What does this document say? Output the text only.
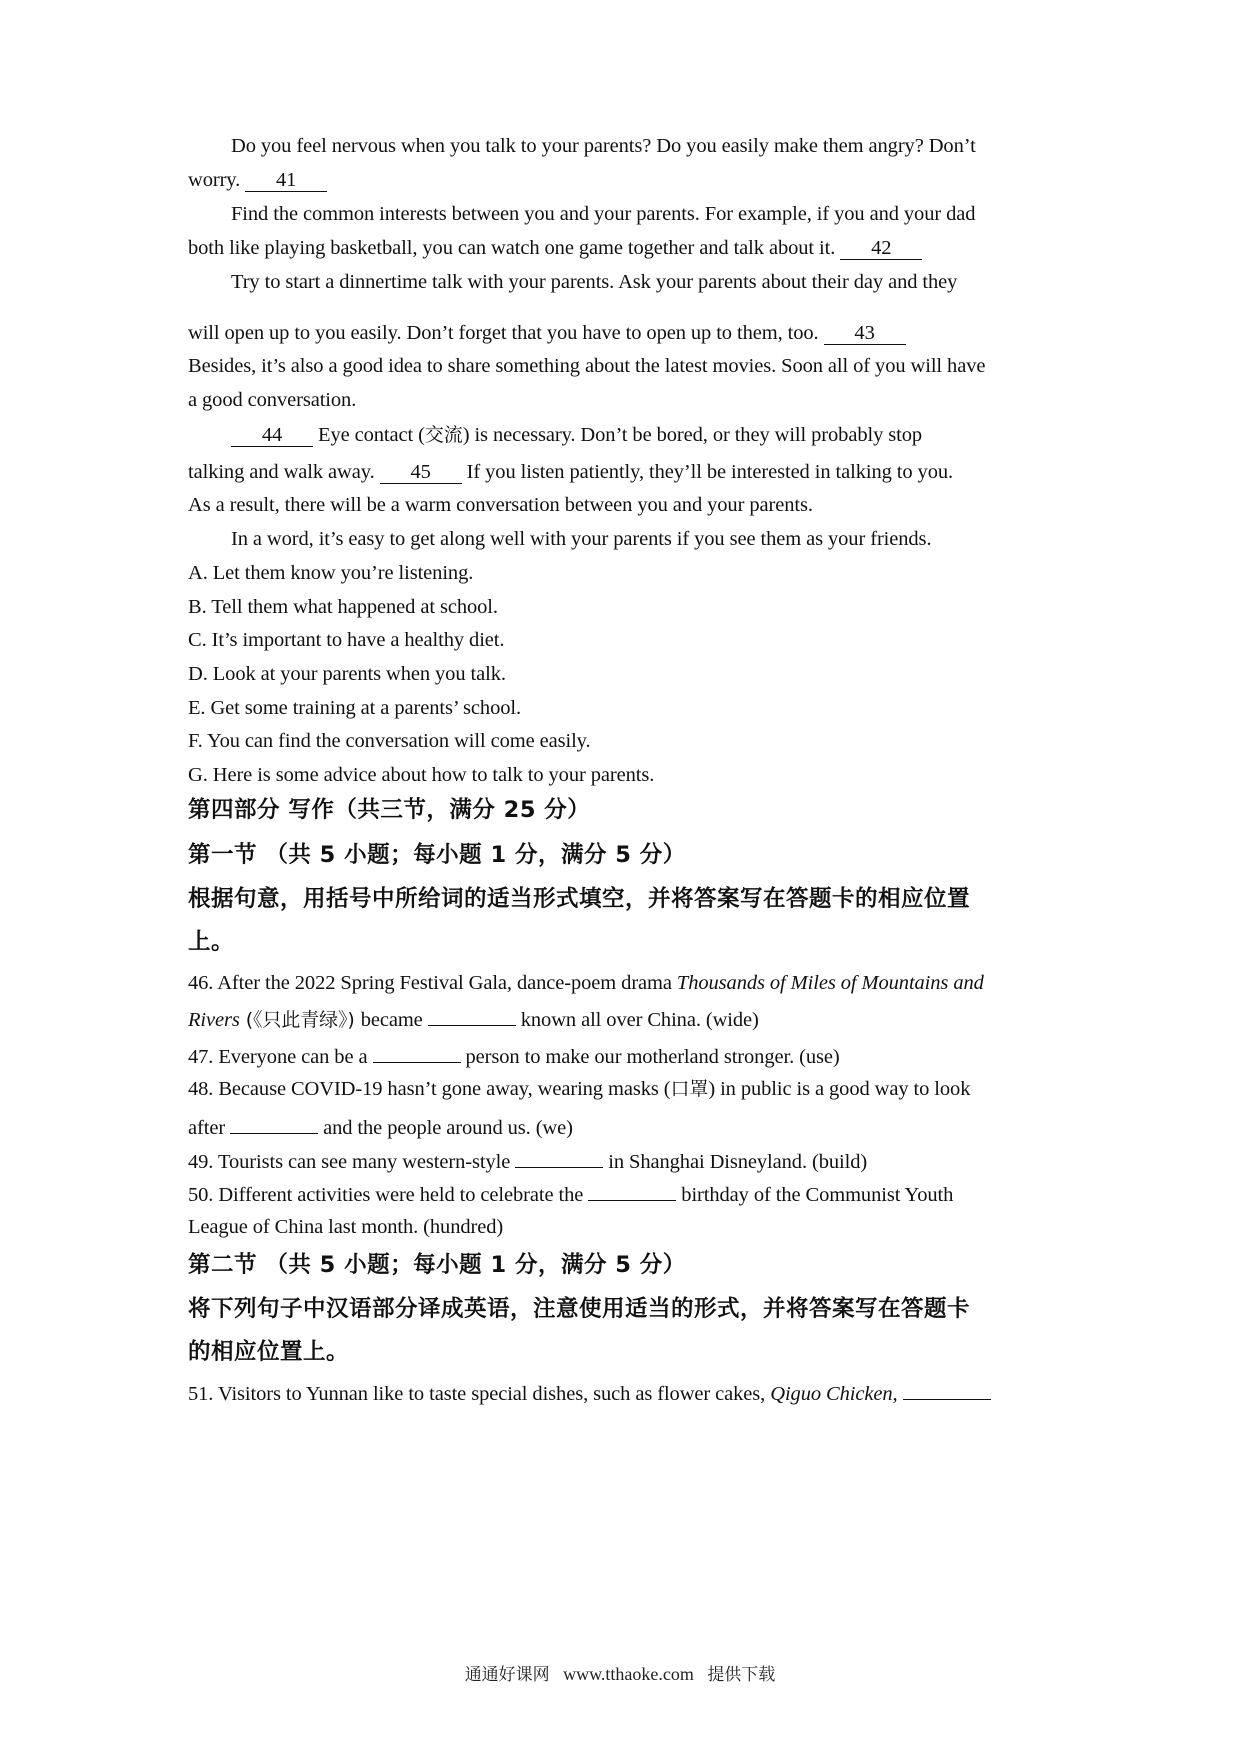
Do you feel nervous when you talk to your parents? Do you easily make them angry? Don’t
worry. 41
Find the common interests between you and your parents. For example, if you and your dad
both like playing basketball, you can watch one game together and talk about it. 42
Try to start a dinnertime talk with your parents. Ask your parents about their day and they
will open up to you easily. Don’t forget that you have to open up to them, too. 43
Besides, it’s also a good idea to share something about the latest movies. Soon all of you will have
a good conversation.
44 Eye contact (交流) is necessary. Don’t be bored, or they will probably stop
talking and walk away. 45 If you listen patiently, they’ll be interested in talking to you.
As a result, there will be a warm conversation between you and your parents.
In a word, it’s easy to get along well with your parents if you see them as your friends.
A. Let them know you’re listening.
B. Tell them what happened at school.
C. It’s important to have a healthy diet.
D. Look at your parents when you talk.
E. Get some training at a parents’ school.
F. You can find the conversation will come easily.
G. Here is some advice about how to talk to your parents.
第四部分 写作（共三节，满分 25 分）
第一节 （共 5 小题；每小题 1 分，满分 5 分）
根据句意，用括号中所给词的适当形式填空，并将答案写在答题卡的相应位置
上。
46. After the 2022 Spring Festival Gala, dance-poem drama Thousands of Miles of Mountains and
Rivers (《只此青绿》) became	known all over China. (wide)
47. Everyone can be a	person to make our motherland stronger. (use)
48. Because COVID-19 hasn’t gone away, wearing masks (口罩) in public is a good way to look
after	and the people around us. (we)
49. Tourists can see many western-style	in Shanghai Disneyland. (build)
50. Different activities were held to celebrate the	birthday of the Communist Youth
League of China last month. (hundred)
第二节 （共 5 小题；每小题 1 分，满分 5 分）
将下列句子中汉语部分译成英语，注意使用适当的形式，并将答案写在答题卡
的相应位置上。
51. Visitors to Yunnan like to taste special dishes, such as flower cakes, Qiguo Chicken,
通通好课网 www.tthaoke.com 提供下载
